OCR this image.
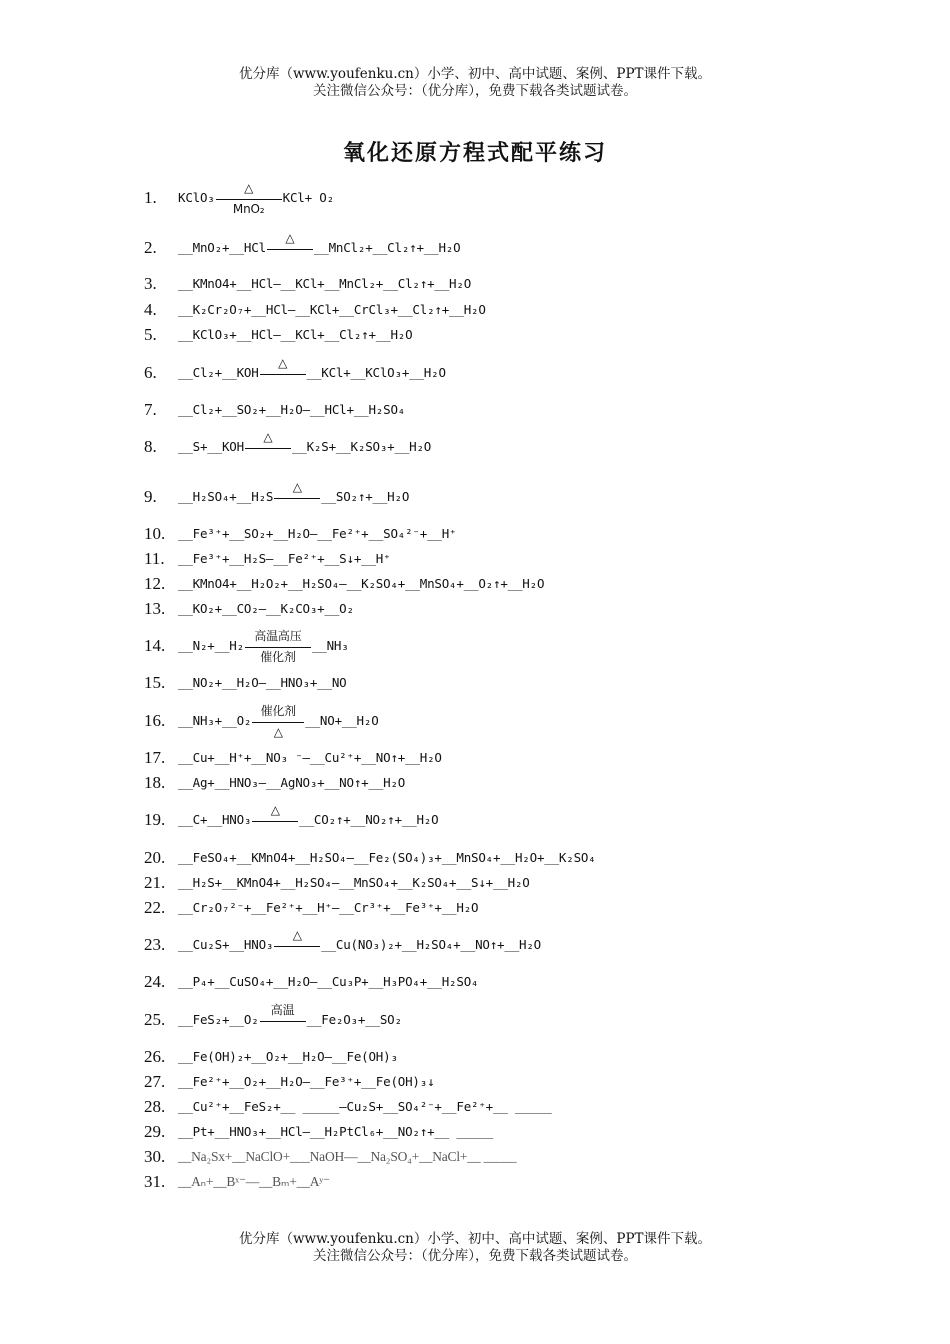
优分库（www.youfenku.cn）小学、初中、高中试题、案例、PPT课件下载。
关注微信公众号：（优分库），免费下载各类试题试卷。
氧化还原方程式配平练习
1.	KClO₃
△
MnO₂
KCl+ O₂
2.	__MnO₂+__HCl
△
__MnCl₂+__Cl₂↑+__H₂O
3.	__KMnO4+__HCl—__KCl+__MnCl₂+__Cl₂↑+__H₂O
4.	__K₂Cr₂O₇+__HCl—__KCl+__CrCl₃+__Cl₂↑+__H₂O
5.	__KClO₃+__HCl—__KCl+__Cl₂↑+__H₂O
6.	__Cl₂+__KOH
△
__KCl+__KClO₃+__H₂O
7.	__Cl₂+__SO₂+__H₂O—__HCl+__H₂SO₄
8.	__S+__KOH
△
__K₂S+__K₂SO₃+__H₂O
9.	__H₂SO₄+__H₂S
△
__SO₂↑+__H₂O
10.	__Fe³⁺+__SO₂+__H₂O—__Fe²⁺+__SO₄²⁻+__H⁺
11.	__Fe³⁺+__H₂S—__Fe²⁺+__S↓+__H⁺
12.	__KMnO4+__H₂O₂+__H₂SO₄—__K₂SO₄+__MnSO₄+__O₂↑+__H₂O
13.	__KO₂+__CO₂—__K₂CO₃+__O₂
14.	__N₂+__H₂
高温高压
催化剂
__NH₃
15.	__NO₂+__H₂O—__HNO₃+__NO
16.	__NH₃+__O₂
催化剂
△
__NO+__H₂O
17.	__Cu+__H⁺+__NO₃ ⁻—__Cu²⁺+__NO↑+__H₂O
18.	__Ag+__HNO₃—__AgNO₃+__NO↑+__H₂O
19.	__C+__HNO₃
△
__CO₂↑+__NO₂↑+__H₂O
20.	__FeSO₄+__KMnO4+__H₂SO₄—__Fe₂(SO₄)₃+__MnSO₄+__H₂O+__K₂SO₄
21.	__H₂S+__KMnO4+__H₂SO₄—__MnSO₄+__K₂SO₄+__S↓+__H₂O
22.	__Cr₂O₇²⁻+__Fe²⁺+__H⁺—__Cr³⁺+__Fe³⁺+__H₂O
23.	__Cu₂S+__HNO₃
△
__Cu(NO₃)₂+__H₂SO₄+__NO↑+__H₂O
24.	__P₄+__CuSO₄+__H₂O—__Cu₃P+__H₃PO₄+__H₂SO₄
25.	__FeS₂+__O₂
高温
__Fe₂O₃+__SO₂
26.	__Fe(OH)₂+__O₂+__H₂O—__Fe(OH)₃
27.	__Fe²⁺+__O₂+__H₂O—__Fe³⁺+__Fe(OH)₃↓
28.	__Cu²⁺+__FeS₂+__ _____—Cu₂S+__SO₄²⁻+__Fe²⁺+__ _____
29.	__Pt+__HNO₃+__HCl—__H₂PtCl₆+__NO₂↑+__ _____
30. __Na₂Sx+__NaClO+___NaOH—__Na₂SO₄+__NaCl+__ _____
31. __Aₙ+__Bˣ⁻—__Bₘ+__Aʸ⁻
优分库（www.youfenku.cn）小学、初中、高中试题、案例、PPT课件下载。
关注微信公众号：（优分库），免费下载各类试题试卷。
